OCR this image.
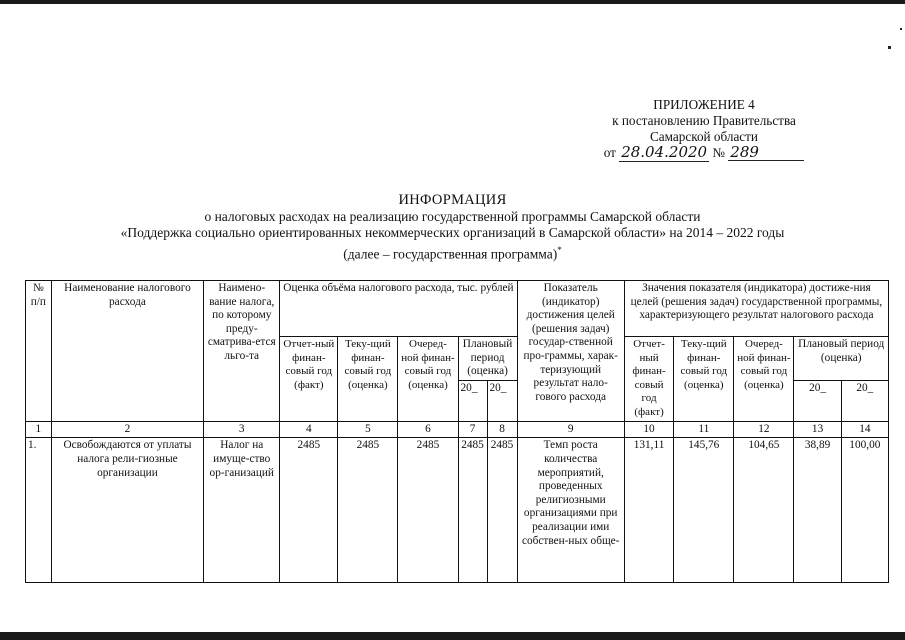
ПРИЛОЖЕНИЕ 4
к постановлению Правительства
Самарской области
от 28.04.2020 № 289
ИНФОРМАЦИЯ
о налоговых расходах на реализацию государственной программы Самарской области
«Поддержка социально ориентированных некоммерческих организаций в Самарской области» на 2014 – 2022 годы
(далее – государственная программа)*
№ п/п	Наименование налогового расхода	Наимено-вание налога, по которому преду-сматрива-ется льго-та	Оценка объёма налогового расхода, тыс. рублей					Показатель (индикатор) достижения целей (решения задач) государ-ственной про-граммы, харак-теризующий результат нало-гового расхода	Значения показателя (индикатора) достиже-ния целей (решения задач) государственной программы, характеризующего результат налогового расхода				
			Отчет-ный финан-совый год (факт)	Теку-щий финан-совый год (оценка)	Очеред-ной финан-совый год (оценка)	Плановый период (оценка)			Отчет-ный финан-совый год (факт)	Теку-щий финан-совый год (оценка)	Очеред-ной финан-совый год (оценка)	Плановый период (оценка)	
						20_	20_					20_	20_
1	2	3	4	5	6	7	8	9	10	11	12	13	14
1.	Освобождаются от уплаты налога рели-гиозные организации	Налог на имуще-ство ор-ганизаций	2485	2485	2485	2485	2485	Темп роста количества мероприятий, проведенных религиозными организациями при реализации ими собствен-ных обще-	131,11	145,76	104,65	38,89	100,00
